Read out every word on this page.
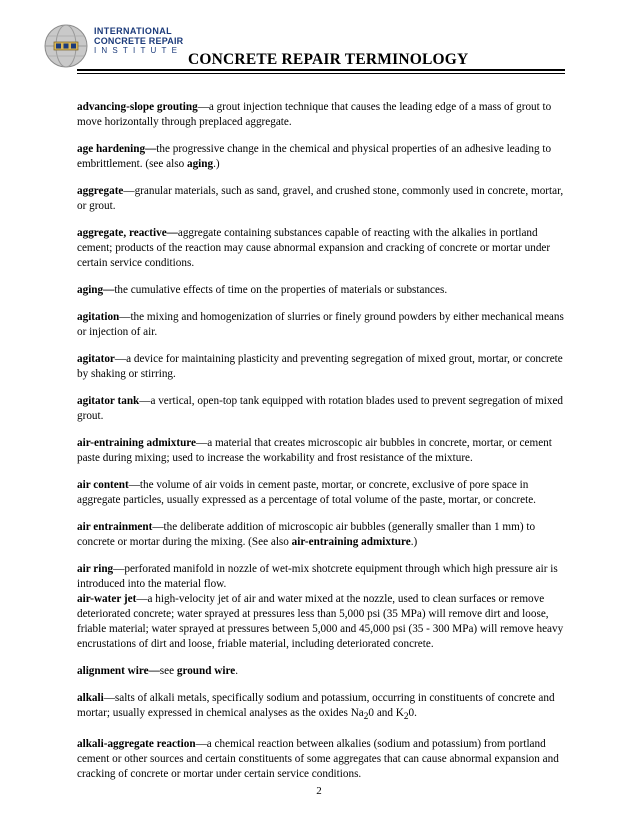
INTERNATIONAL
CONCRETE REPAIR
INSTITUTE
CONCRETE REPAIR TERMINOLOGY

advancing-slope grouting—a grout injection technique that causes the leading edge of a mass of grout to move horizontally through preplaced aggregate.

age hardening—the progressive change in the chemical and physical properties of an adhesive leading to embrittlement. (see also aging.)

aggregate—granular materials, such as sand, gravel, and crushed stone, commonly used in concrete, mortar, or grout.

aggregate, reactive—aggregate containing substances capable of reacting with the alkalies in portland cement; products of the reaction may cause abnormal expansion and cracking of concrete or mortar under certain service conditions.

aging—the cumulative effects of time on the properties of materials or substances.

agitation—the mixing and homogenization of slurries or finely ground powders by either mechanical means or injection of air.

agitator—a device for maintaining plasticity and preventing segregation of mixed grout, mortar, or concrete by shaking or stirring.

agitator tank—a vertical, open-top tank equipped with rotation blades used to prevent segregation of mixed grout.

air-entraining admixture—a material that creates microscopic air bubbles in concrete, mortar, or cement paste during mixing; used to increase the workability and frost resistance of the mixture.

air content—the volume of air voids in cement paste, mortar, or concrete, exclusive of pore space in aggregate particles, usually expressed as a percentage of total volume of the paste, mortar, or concrete.

air entrainment—the deliberate addition of microscopic air bubbles (generally smaller than 1 mm) to concrete or mortar during the mixing. (See also air-entraining admixture.)

air ring—perforated manifold in nozzle of wet-mix shotcrete equipment through which high pressure air is introduced into the material flow.

air-water jet—a high-velocity jet of air and water mixed at the nozzle, used to clean surfaces or remove deteriorated concrete; water sprayed at pressures less than 5,000 psi (35 MPa) will remove dirt and loose, friable material; water sprayed at pressures between 5,000 and 45,000 psi (35 - 300 MPa) will remove heavy encrustations of dirt and loose, friable material, including deteriorated concrete.

alignment wire—see ground wire.

alkali—salts of alkali metals, specifically sodium and potassium, occurring in constituents of concrete and mortar; usually expressed in chemical analyses as the oxides $Na_20$ and $K_20$.

alkali-aggregate reaction—a chemical reaction between alkalies (sodium and potassium) from portland cement or other sources and certain constituents of some aggregates that can cause abnormal expansion and cracking of concrete or mortar under certain service conditions.

2
